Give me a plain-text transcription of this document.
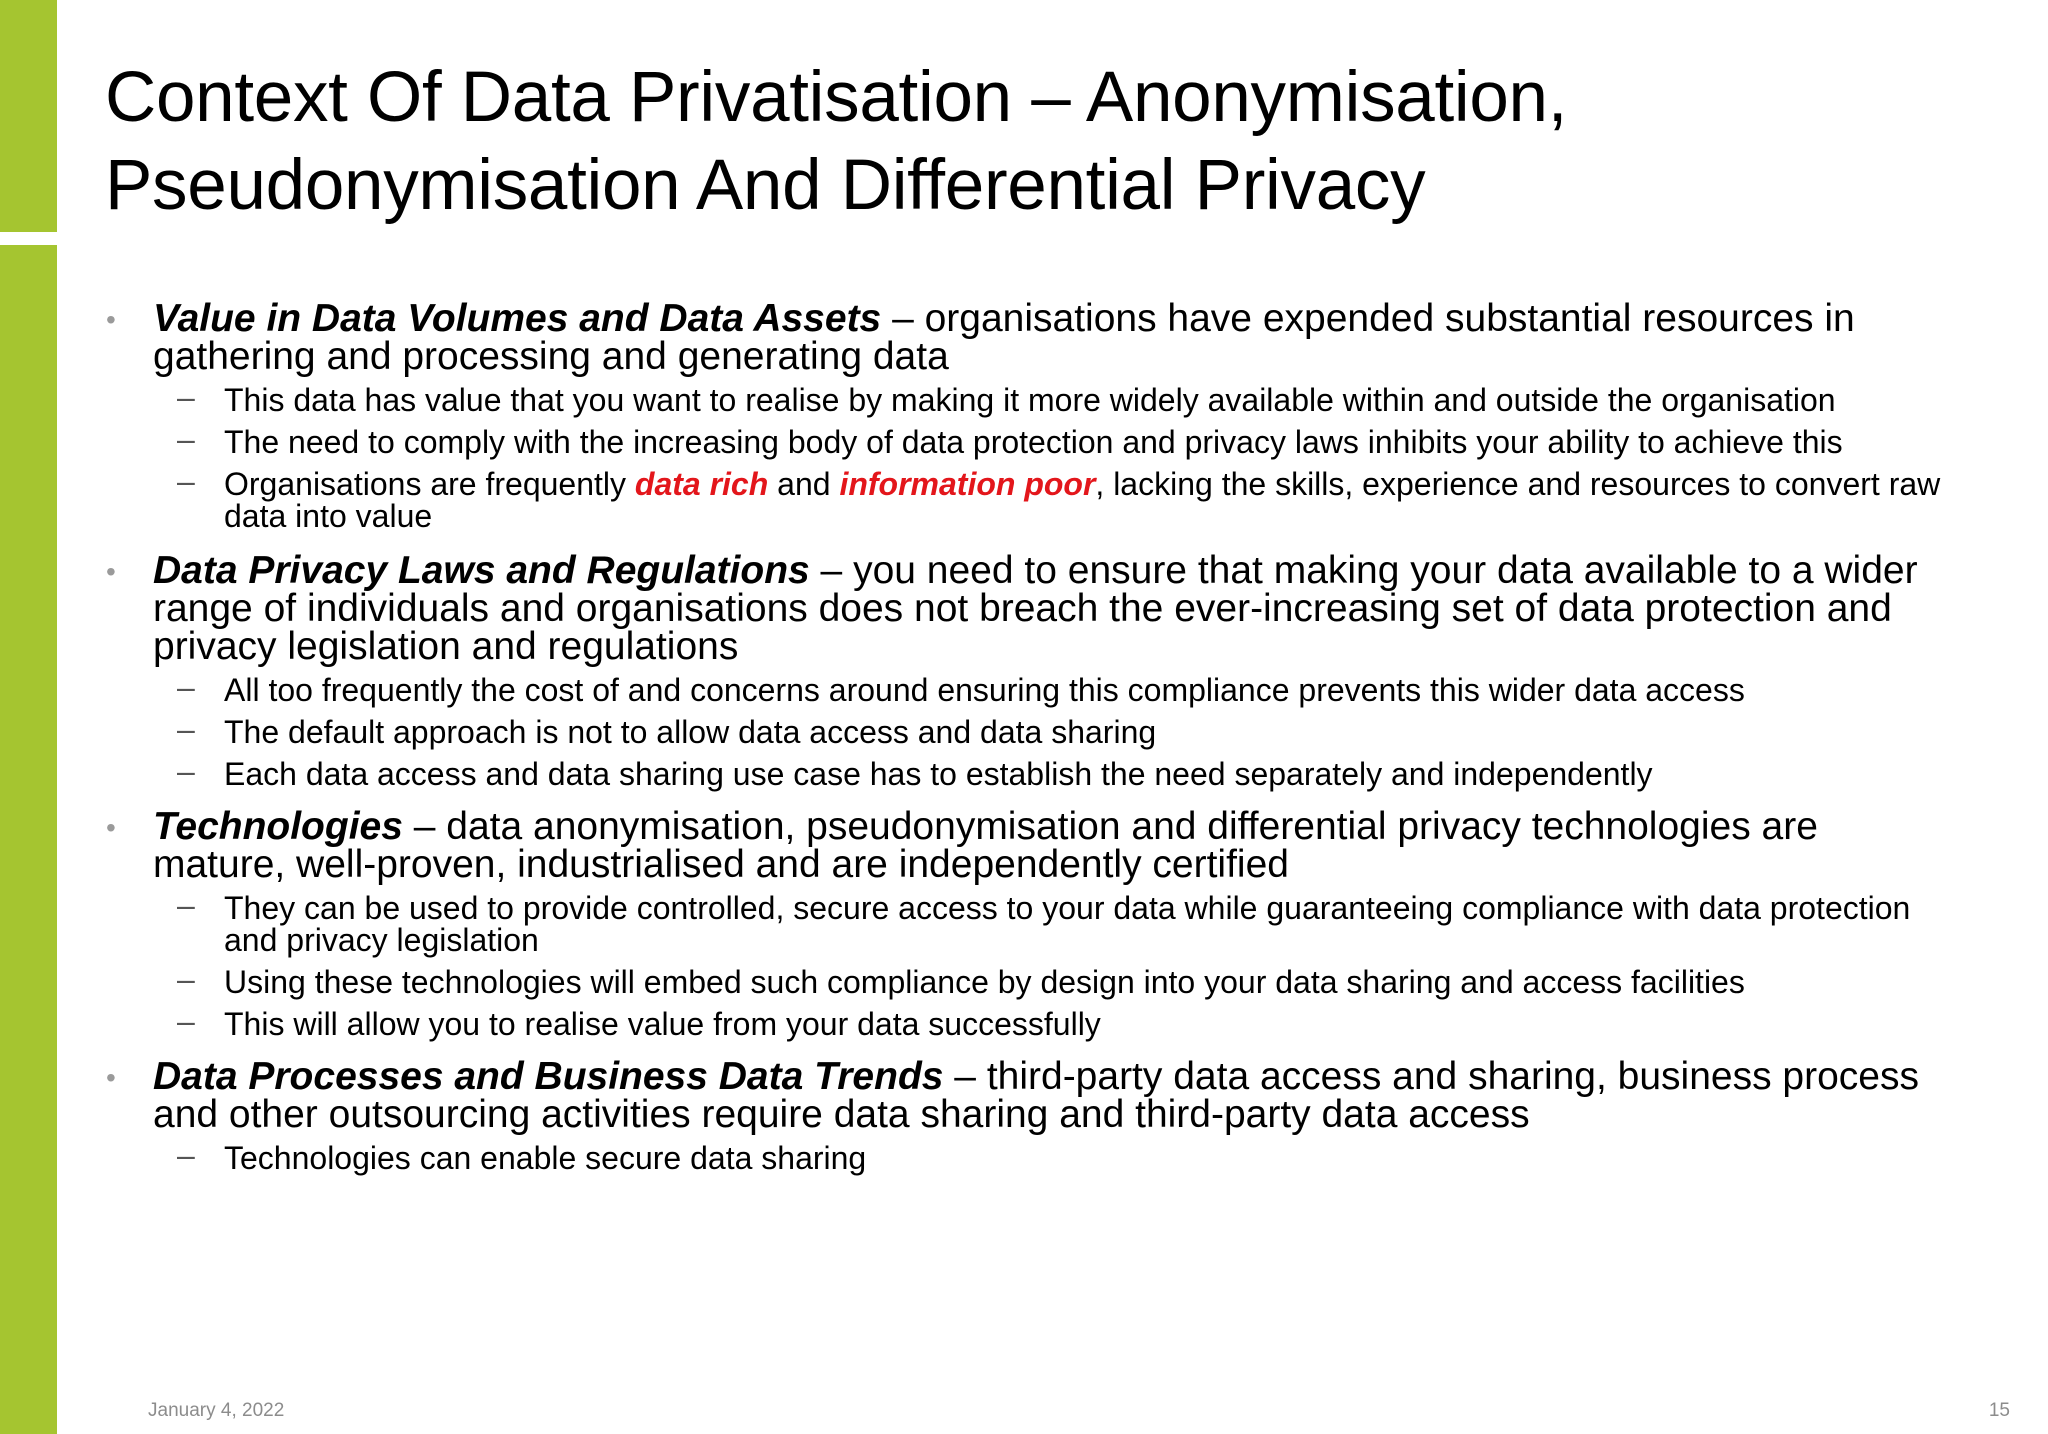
Context Of Data Privatisation – Anonymisation,
Pseudonymisation And Differential Privacy
• Value in Data Volumes and Data Assets – organisations have expended substantial resources in gathering and processing and generating data
– This data has value that you want to realise by making it more widely available within and outside the organisation
– The need to comply with the increasing body of data protection and privacy laws inhibits your ability to achieve this
– Organisations are frequently data rich and information poor, lacking the skills, experience and resources to convert raw data into value
• Data Privacy Laws and Regulations – you need to ensure that making your data available to a wider range of individuals and organisations does not breach the ever-increasing set of data protection and privacy legislation and regulations
– All too frequently the cost of and concerns around ensuring this compliance prevents this wider data access
– The default approach is not to allow data access and data sharing
– Each data access and data sharing use case has to establish the need separately and independently
• Technologies – data anonymisation, pseudonymisation and differential privacy technologies are mature, well-proven, industrialised and are independently certified
– They can be used to provide controlled, secure access to your data while guaranteeing compliance with data protection and privacy legislation
– Using these technologies will embed such compliance by design into your data sharing and access facilities
– This will allow you to realise value from your data successfully
• Data Processes and Business Data Trends – third-party data access and sharing, business process and other outsourcing activities require data sharing and third-party data access
– Technologies can enable secure data sharing
January 4, 2022	15
